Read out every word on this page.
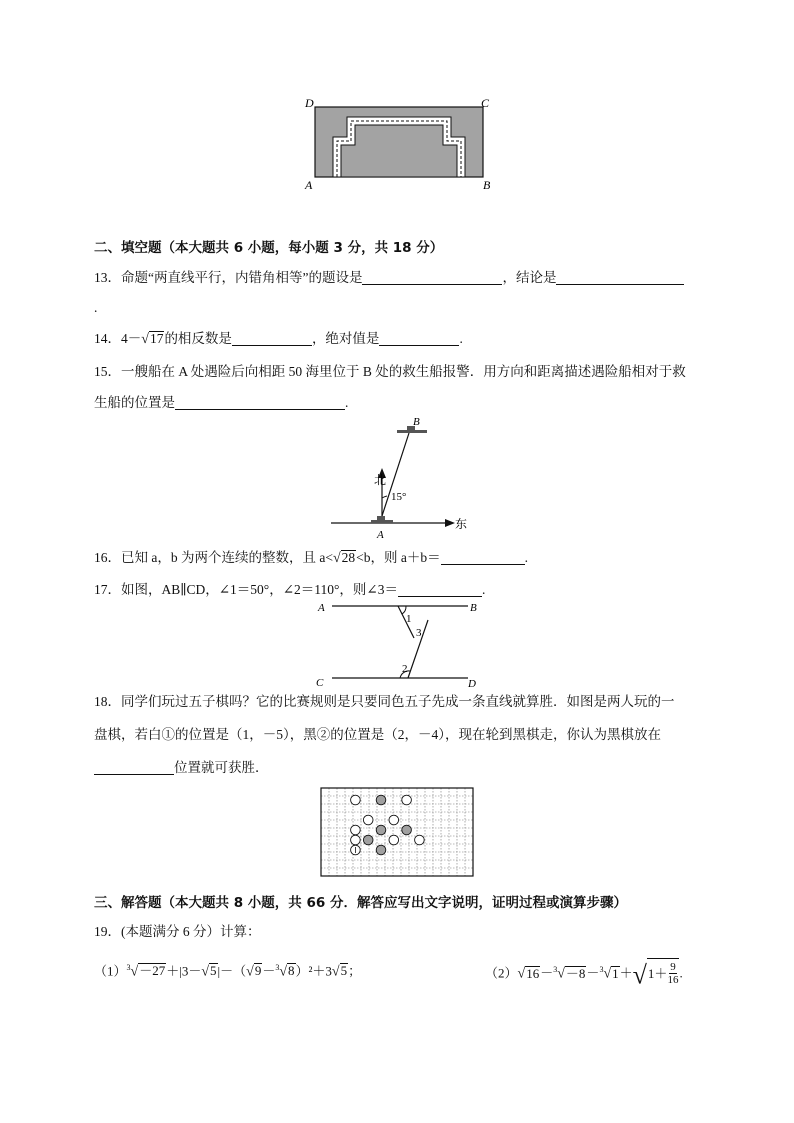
D	C
A	B
二、填空题（本大题共 6 小题，每小题 3 分，共 18 分）
13．命题“两直线平行，内错角相等”的题设是	，结论是
.
14．4－√17的相反数是	，绝对值是	.
15．一艘船在 A 处遇险后向相距 50 海里位于 B 处的救生船报警．用方向和距离描述遇险船相对于救
生船的位置是	.
B
A
北
东
15°
16．已知 a，b 为两个连续的整数，且 a<√28<b，则 a＋b＝	.
17．如图，AB∥CD，∠1＝50°，∠2＝110°，则∠3＝	.
A	B
C	D
1
3
2
18．同学们玩过五子棋吗？它的比赛规则是只要同色五子先成一条直线就算胜．如图是两人玩的一
盘棋，若白①的位置是（1，－5），黑②的位置是（2，－4），现在轮到黑棋走，你认为黑棋放在
位置就可获胜．
三、解答题（本大题共 8 小题，共 66 分．解答应写出文字说明，证明过程或演算步骤）
19．(本题满分 6 分）计算：
$(1)^3√-27+|3-√5|-(√9-^3√8)^2+3√5$；	（2）√16－$^3$√－8－$^3$√1＋√ $1+ \frac{9}{16}$ .
